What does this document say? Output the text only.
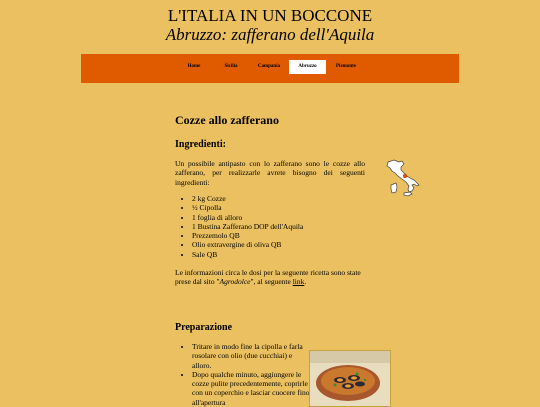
L'ITALIA IN UN BOCCONE
Abruzzo: zafferano dell'Aquila
Home	Sicilia	Campania	Abruzzo	Piemonte
Cozze allo zafferano
Ingredienti:
Un possibile antipasto con lo zafferano sono le cozze allo zafferano, per realizzarle avrete bisogno dei seguenti ingredienti:
• 2 kg Cozze
• ½ Cipolla
• 1 foglia di alloro
• 1 Bustina Zafferano DOP dell'Aquila
• Prezzemolo QB
• Olio extravergine di oliva QB
• Sale QB
Le informazioni circa le dosi per la seguente ricetta sono state prese dal sito "Agrodolce", al seguente link.
Preparazione
• Tritare in modo fine la cipolla e farla rosolare con olio (due cucchiai) e alloro.
• Dopo qualche minuto, aggiungere le cozze pulite precedentemente, coprirle con un coperchio e lasciar cuocere fino all'apertura
